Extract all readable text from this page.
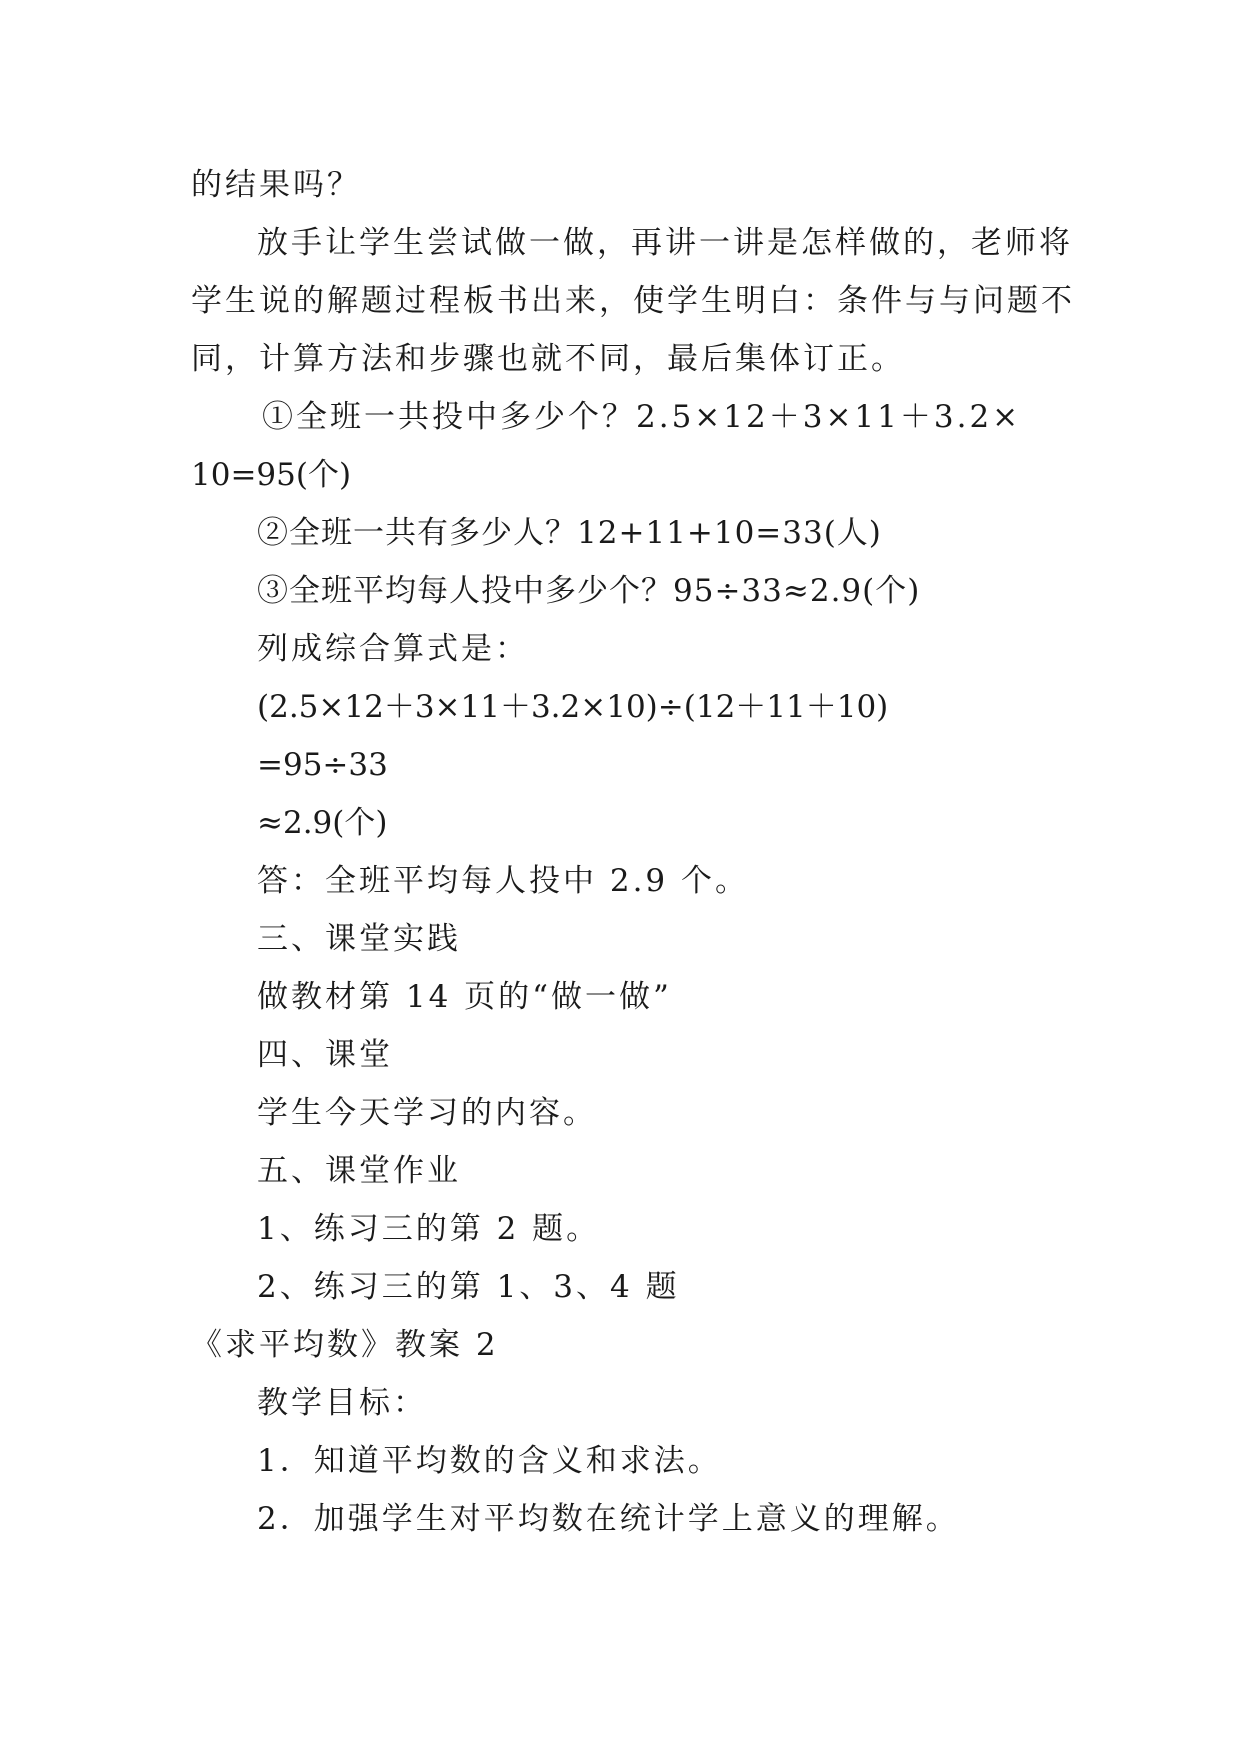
的结果吗？
放手让学生尝试做一做，再讲一讲是怎样做的，老师将
学生说的解题过程板书出来，使学生明白：条件与与问题不
同，计算方法和步骤也就不同，最后集体订正。
①全班一共投中多少个？2.5×12＋3×11＋3.2×
10=95(个)
②全班一共有多少人？12+11+10=33(人)
③全班平均每人投中多少个？95÷33≈2.9(个)
列成综合算式是：
(2.5×12＋3×11＋3.2×10)÷(12＋11＋10)
=95÷33
≈2.9(个)
答：全班平均每人投中 2.9 个。
三、课堂实践
做教材第 14 页的“做一做”
四、课堂
学生今天学习的内容。
五、课堂作业
1、练习三的第 2 题。
2、练习三的第 1、3、4 题
《求平均数》教案 2
教学目标：
1．知道平均数的含义和求法。
2．加强学生对平均数在统计学上意义的理解。
